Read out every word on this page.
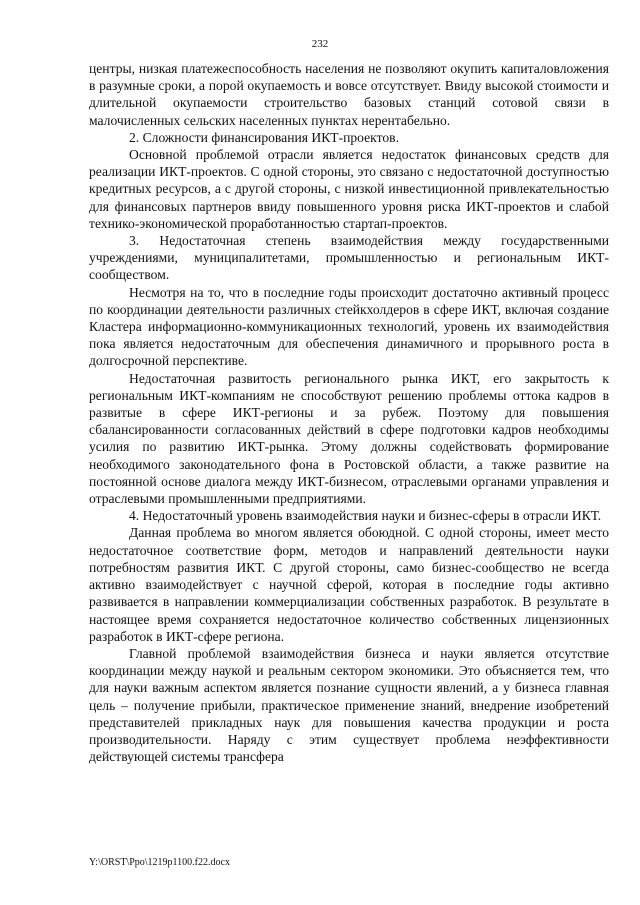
232

центры, низкая платежеспособность населения не позволяют окупить капиталовложения в разумные сроки, а порой окупаемость и вовсе отсутствует. Ввиду высокой стоимости и длительной окупаемости строительство базовых станций сотовой связи в малочисленных сельских населенных пунктах нерентабельно.

2. Сложности финансирования ИКТ-проектов.

Основной проблемой отрасли является недостаток финансовых средств для реализации ИКТ-проектов. С одной стороны, это связано с недостаточной доступностью кредитных ресурсов, а с другой стороны, с низкой инвестиционной привлекательностью для финансовых партнеров ввиду повышенного уровня риска ИКТ-проектов и слабой технико-экономической проработанностью стартап-проектов.

3. Недостаточная степень взаимодействия между государственными учреждениями, муниципалитетами, промышленностью и региональным ИКТ-сообществом.

Несмотря на то, что в последние годы происходит достаточно активный процесс по координации деятельности различных стейкхолдеров в сфере ИКТ, включая создание Кластера информационно-коммуникационных технологий, уровень их взаимодействия пока является недостаточным для обеспечения динамичного и прорывного роста в долгосрочной перспективе.

Недостаточная развитость регионального рынка ИКТ, его закрытость к региональным ИКТ-компаниям не способствуют решению проблемы оттока кадров в развитые в сфере ИКТ-регионы и за рубеж. Поэтому для повышения сбалансированности согласованных действий в сфере подготовки кадров необходимы усилия по развитию ИКТ-рынка. Этому должны содействовать формирование необходимого законодательного фона в Ростовской области, а также развитие на постоянной основе диалога между ИКТ-бизнесом, отраслевыми органами управления и отраслевыми промышленными предприятиями.

4. Недостаточный уровень взаимодействия науки и бизнес-сферы в отрасли ИКТ.

Данная проблема во многом является обоюдной. С одной стороны, имеет место недостаточное соответствие форм, методов и направлений деятельности науки потребностям развития ИКТ. С другой стороны, само бизнес-сообщество не всегда активно взаимодействует с научной сферой, которая в последние годы активно развивается в направлении коммерциализации собственных разработок. В результате в настоящее время сохраняется недостаточное количество собственных лицензионных разработок в ИКТ-сфере региона.

Главной проблемой взаимодействия бизнеса и науки является отсутствие координации между наукой и реальным сектором экономики. Это объясняется тем, что для науки важным аспектом является познание сущности явлений, а у бизнеса главная цель – получение прибыли, практическое применение знаний, внедрение изобретений представителей прикладных наук для повышения качества продукции и роста производительности. Наряду с этим существует проблема неэффективности действующей системы трансфера

Y:\ORST\Ppo\1219p1100.f22.docx
